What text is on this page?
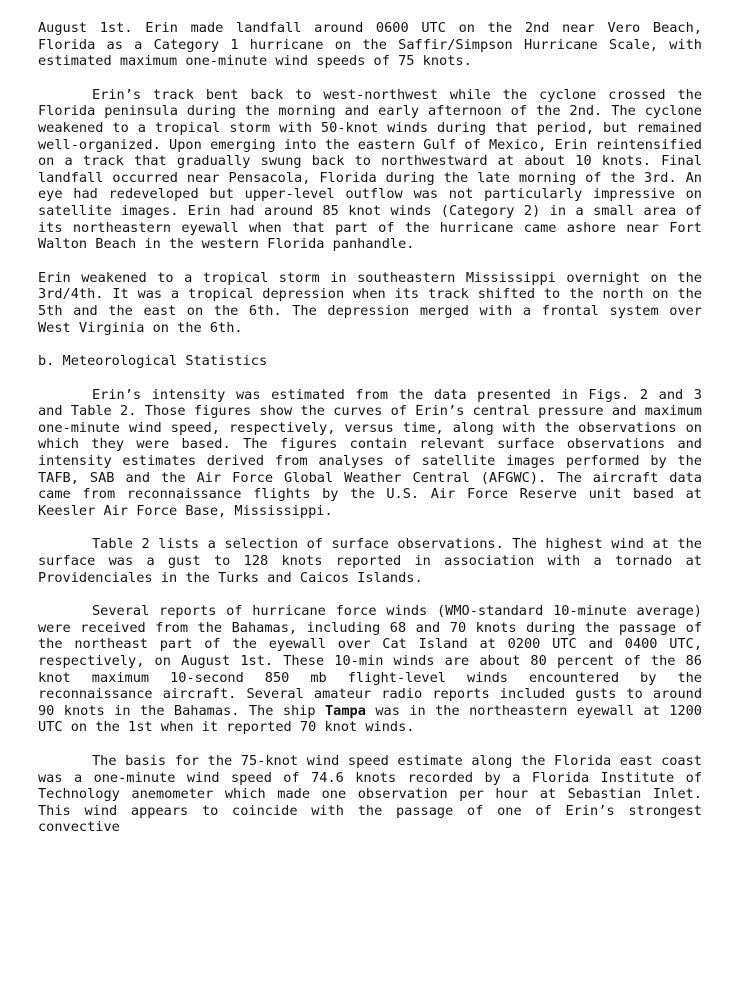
August 1st. Erin made landfall around 0600 UTC on the 2nd near Vero Beach, Florida as a Category 1 hurricane on the Saffir/Simpson Hurricane Scale, with estimated maximum one-minute wind speeds of 75 knots.

Erin’s track bent back to west-northwest while the cyclone crossed the Florida peninsula during the morning and early afternoon of the 2nd. The cyclone weakened to a tropical storm with 50-knot winds during that period, but remained well-organized. Upon emerging into the eastern Gulf of Mexico, Erin reintensified on a track that gradually swung back to northwestward at about 10 knots. Final landfall occurred near Pensacola, Florida during the late morning of the 3rd. An eye had redeveloped but upper-level outflow was not particularly impressive on satellite images. Erin had around 85 knot winds (Category 2) in a small area of its northeastern eyewall when that part of the hurricane came ashore near Fort Walton Beach in the western Florida panhandle.

Erin weakened to a tropical storm in southeastern Mississippi overnight on the 3rd/4th. It was a tropical depression when its track shifted to the north on the 5th and the east on the 6th. The depression merged with a frontal system over West Virginia on the 6th.

b. Meteorological Statistics

Erin’s intensity was estimated from the data presented in Figs. 2 and 3 and Table 2. Those figures show the curves of Erin’s central pressure and maximum one-minute wind speed, respectively, versus time, along with the observations on which they were based. The figures contain relevant surface observations and intensity estimates derived from analyses of satellite images performed by the TAFB, SAB and the Air Force Global Weather Central (AFGWC). The aircraft data came from reconnaissance flights by the U.S. Air Force Reserve unit based at Keesler Air Force Base, Mississippi.

Table 2 lists a selection of surface observations. The highest wind at the surface was a gust to 128 knots reported in association with a tornado at Providenciales in the Turks and Caicos Islands.

Several reports of hurricane force winds (WMO-standard 10-minute average) were received from the Bahamas, including 68 and 70 knots during the passage of the northeast part of the eyewall over Cat Island at 0200 UTC and 0400 UTC, respectively, on August 1st. These 10-min winds are about 80 percent of the 86 knot maximum 10-second 850 mb flight-level winds encountered by the reconnaissance aircraft. Several amateur radio reports included gusts to around 90 knots in the Bahamas. The ship Tampa was in the northeastern eyewall at 1200 UTC on the 1st when it reported 70 knot winds.

The basis for the 75-knot wind speed estimate along the Florida east coast was a one-minute wind speed of 74.6 knots recorded by a Florida Institute of Technology anemometer which made one observation per hour at Sebastian Inlet. This wind appears to coincide with the passage of one of Erin’s strongest convective
